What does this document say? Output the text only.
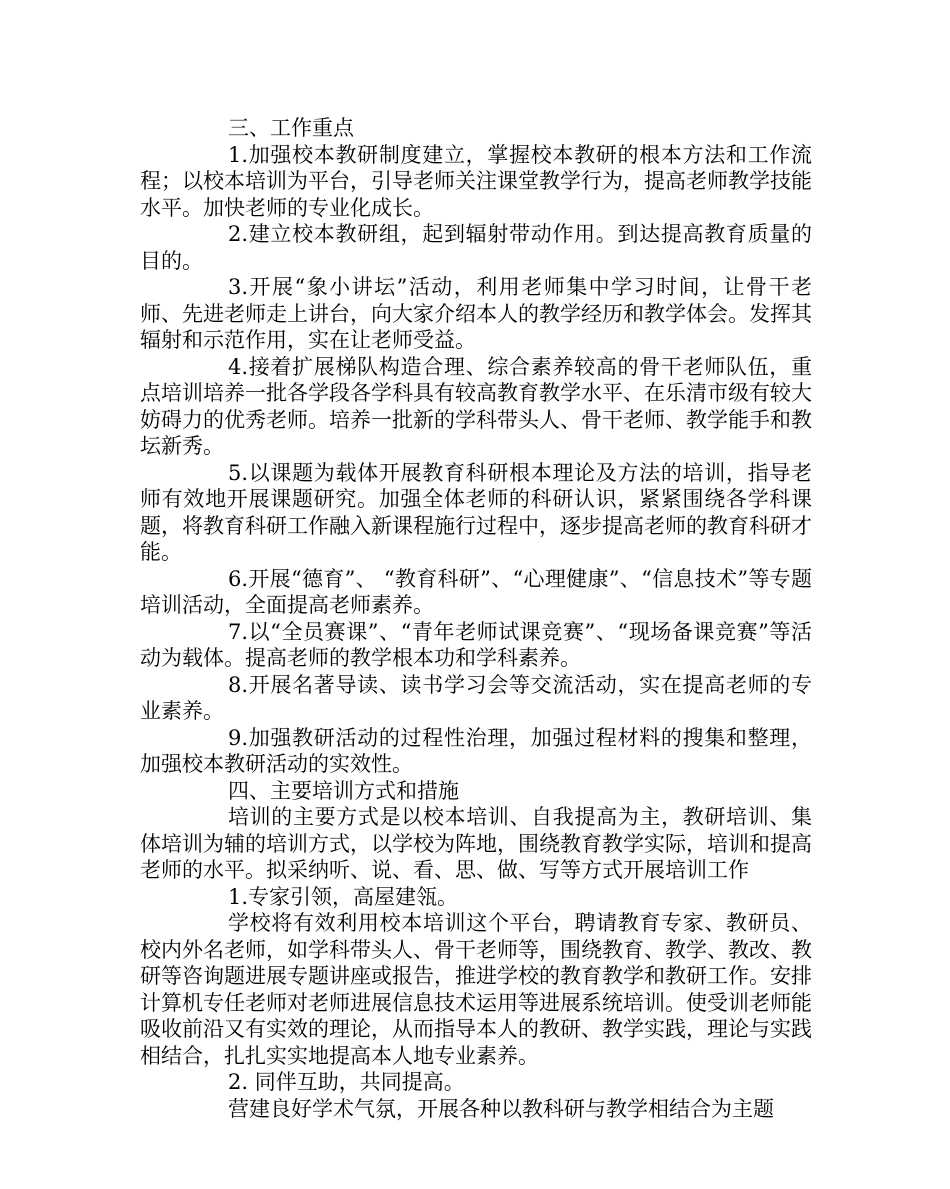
三、工作重点

1.加强校本教研制度建立，掌握校本教研的根本方法和工作流程；以校本培训为平台，引导老师关注课堂教学行为，提高老师教学技能水平。加快老师的专业化成长。

2.建立校本教研组，起到辐射带动作用。到达提高教育质量的目的。

3.开展“象小讲坛”活动，利用老师集中学习时间，让骨干老师、先进老师走上讲台，向大家介绍本人的教学经历和教学体会。发挥其辐射和示范作用，实在让老师受益。

4.接着扩展梯队构造合理、综合素养较高的骨干老师队伍，重点培训培养一批各学段各学科具有较高教育教学水平、在乐清市级有较大妨碍力的优秀老师。培养一批新的学科带头人、骨干老师、教学能手和教坛新秀。

5.以课题为载体开展教育科研根本理论及方法的培训，指导老师有效地开展课题研究。加强全体老师的科研认识，紧紧围绕各学科课题，将教育科研工作融入新课程施行过程中，逐步提高老师的教育科研才能。

6.开展“德育”、 “教育科研”、“心理健康”、“信息技术”等专题培训活动，全面提高老师素养。

7.以“全员赛课”、“青年老师试课竞赛”、“现场备课竞赛”等活动为载体。提高老师的教学根本功和学科素养。

8.开展名著导读、读书学习会等交流活动，实在提高老师的专业素养。

9.加强教研活动的过程性治理，加强过程材料的搜集和整理，加强校本教研活动的实效性。

四、主要培训方式和措施

培训的主要方式是以校本培训、自我提高为主，教研培训、集体培训为辅的培训方式，以学校为阵地，围绕教育教学实际，培训和提高老师的水平。拟采纳听、说、看、思、做、写等方式开展培训工作

1.专家引领，高屋建瓴。

学校将有效利用校本培训这个平台，聘请教育专家、教研员、校内外名老师，如学科带头人、骨干老师等，围绕教育、教学、教改、教研等咨询题进展专题讲座或报告，推进学校的教育教学和教研工作。安排计算机专任老师对老师进展信息技术运用等进展系统培训。使受训老师能吸收前沿又有实效的理论，从而指导本人的教研、教学实践，理论与实践相结合，扎扎实实地提高本人地专业素养。

2. 同伴互助，共同提高。

营建良好学术气氛，开展各种以教科研与教学相结合为主题
